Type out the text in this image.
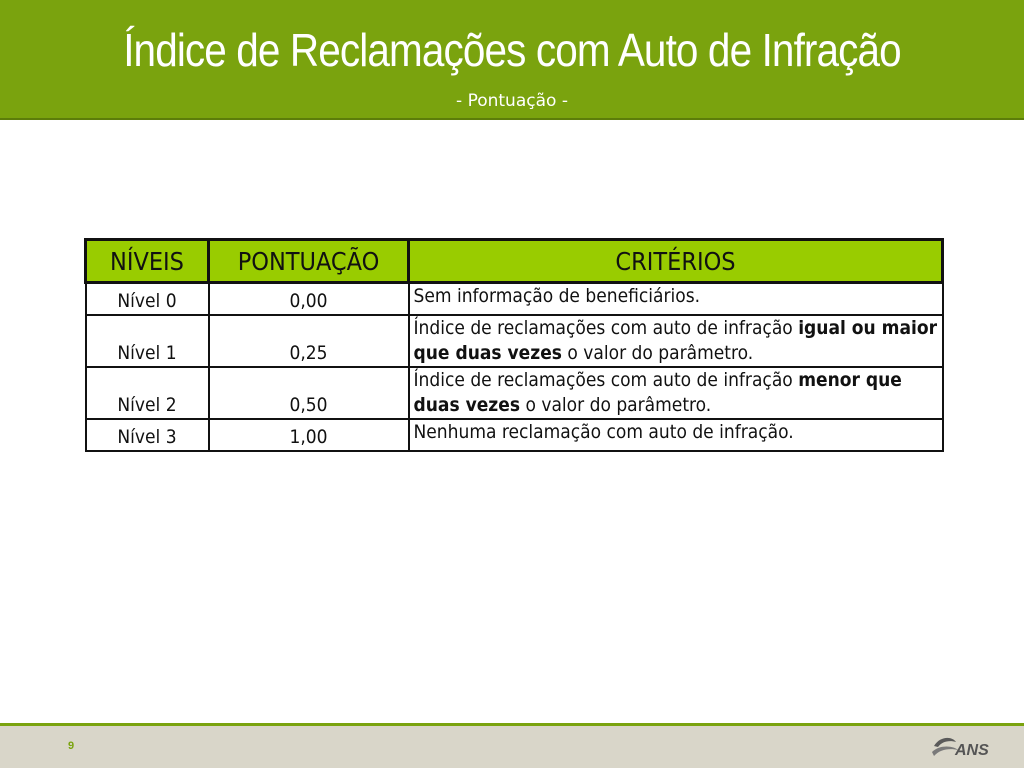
Índice de Reclamações com Auto de Infração
- Pontuação -
NÍVEIS	PONTUAÇÃO	CRITÉRIOS
Nível 0	0,00	Sem informação de beneficiários.
Nível 1	0,25	Índice de reclamações com auto de infração igual ou maior que duas vezes o valor do parâmetro.
Nível 2	0,50	Índice de reclamações com auto de infração menor que duas vezes o valor do parâmetro.
Nível 3	1,00	Nenhuma reclamação com auto de infração.
9	ANS
